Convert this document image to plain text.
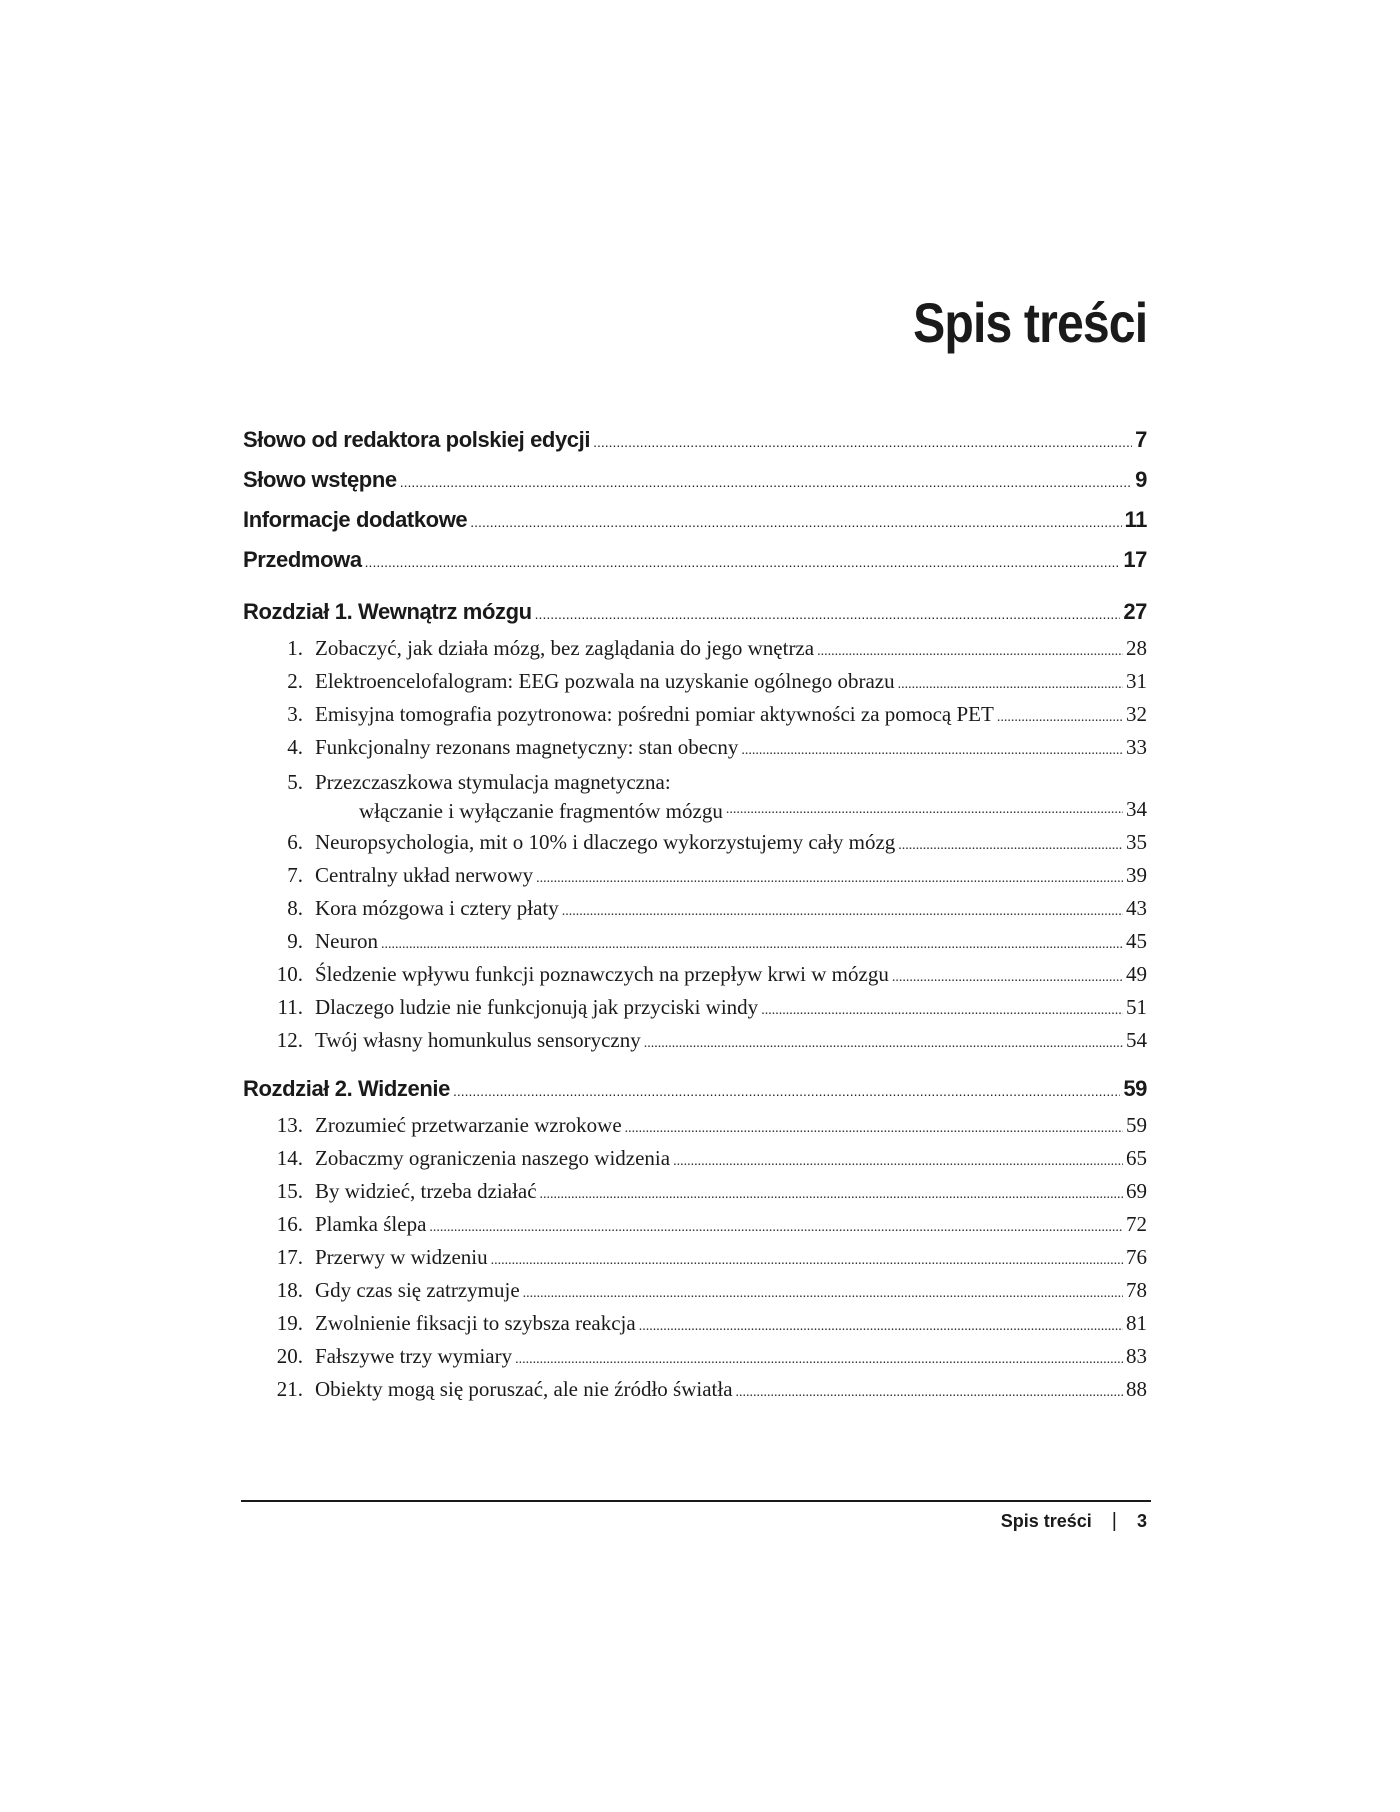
Spis treści
Słowo od redaktora polskiej edycji .....	7
Słowo wstępne .....	9
Informacje dodatkowe .....	11
Przedmowa .....	17
Rozdział 1. Wewnątrz mózgu .....	27
1. Zobaczyć, jak działa mózg, bez zaglądania do jego wnętrza .....	28
2. Elektroencelofalogram: EEG pozwala na uzyskanie ogólnego obrazu .....	31
3. Emisyjna tomografia pozytronowa: pośredni pomiar aktywności za pomocą PET .....	32
4. Funkcjonalny rezonans magnetyczny: stan obecny .....	33
5. Przezczaszkowa stymulacja magnetyczna:
włączanie i wyłączanie fragmentów mózgu .....	34
6. Neuropsychologia, mit o 10% i dlaczego wykorzystujemy cały mózg .....	35
7. Centralny układ nerwowy .....	39
8. Kora mózgowa i cztery płaty .....	43
9. Neuron .....	45
10. Śledzenie wpływu funkcji poznawczych na przepływ krwi w mózgu .....	49
11. Dlaczego ludzie nie funkcjonują jak przyciski windy .....	51
12. Twój własny homunkulus sensoryczny .....	54
Rozdział 2. Widzenie .....	59
13. Zrozumieć przetwarzanie wzrokowe .....	59
14. Zobaczmy ograniczenia naszego widzenia .....	65
15. By widzieć, trzeba działać .....	69
16. Plamka ślepa .....	72
17. Przerwy w widzeniu .....	76
18. Gdy czas się zatrzymuje .....	78
19. Zwolnienie fiksacji to szybsza reakcja .....	81
20. Fałszywe trzy wymiary .....	83
21. Obiekty mogą się poruszać, ale nie źródło światła .....	88
Spis treści | 3
